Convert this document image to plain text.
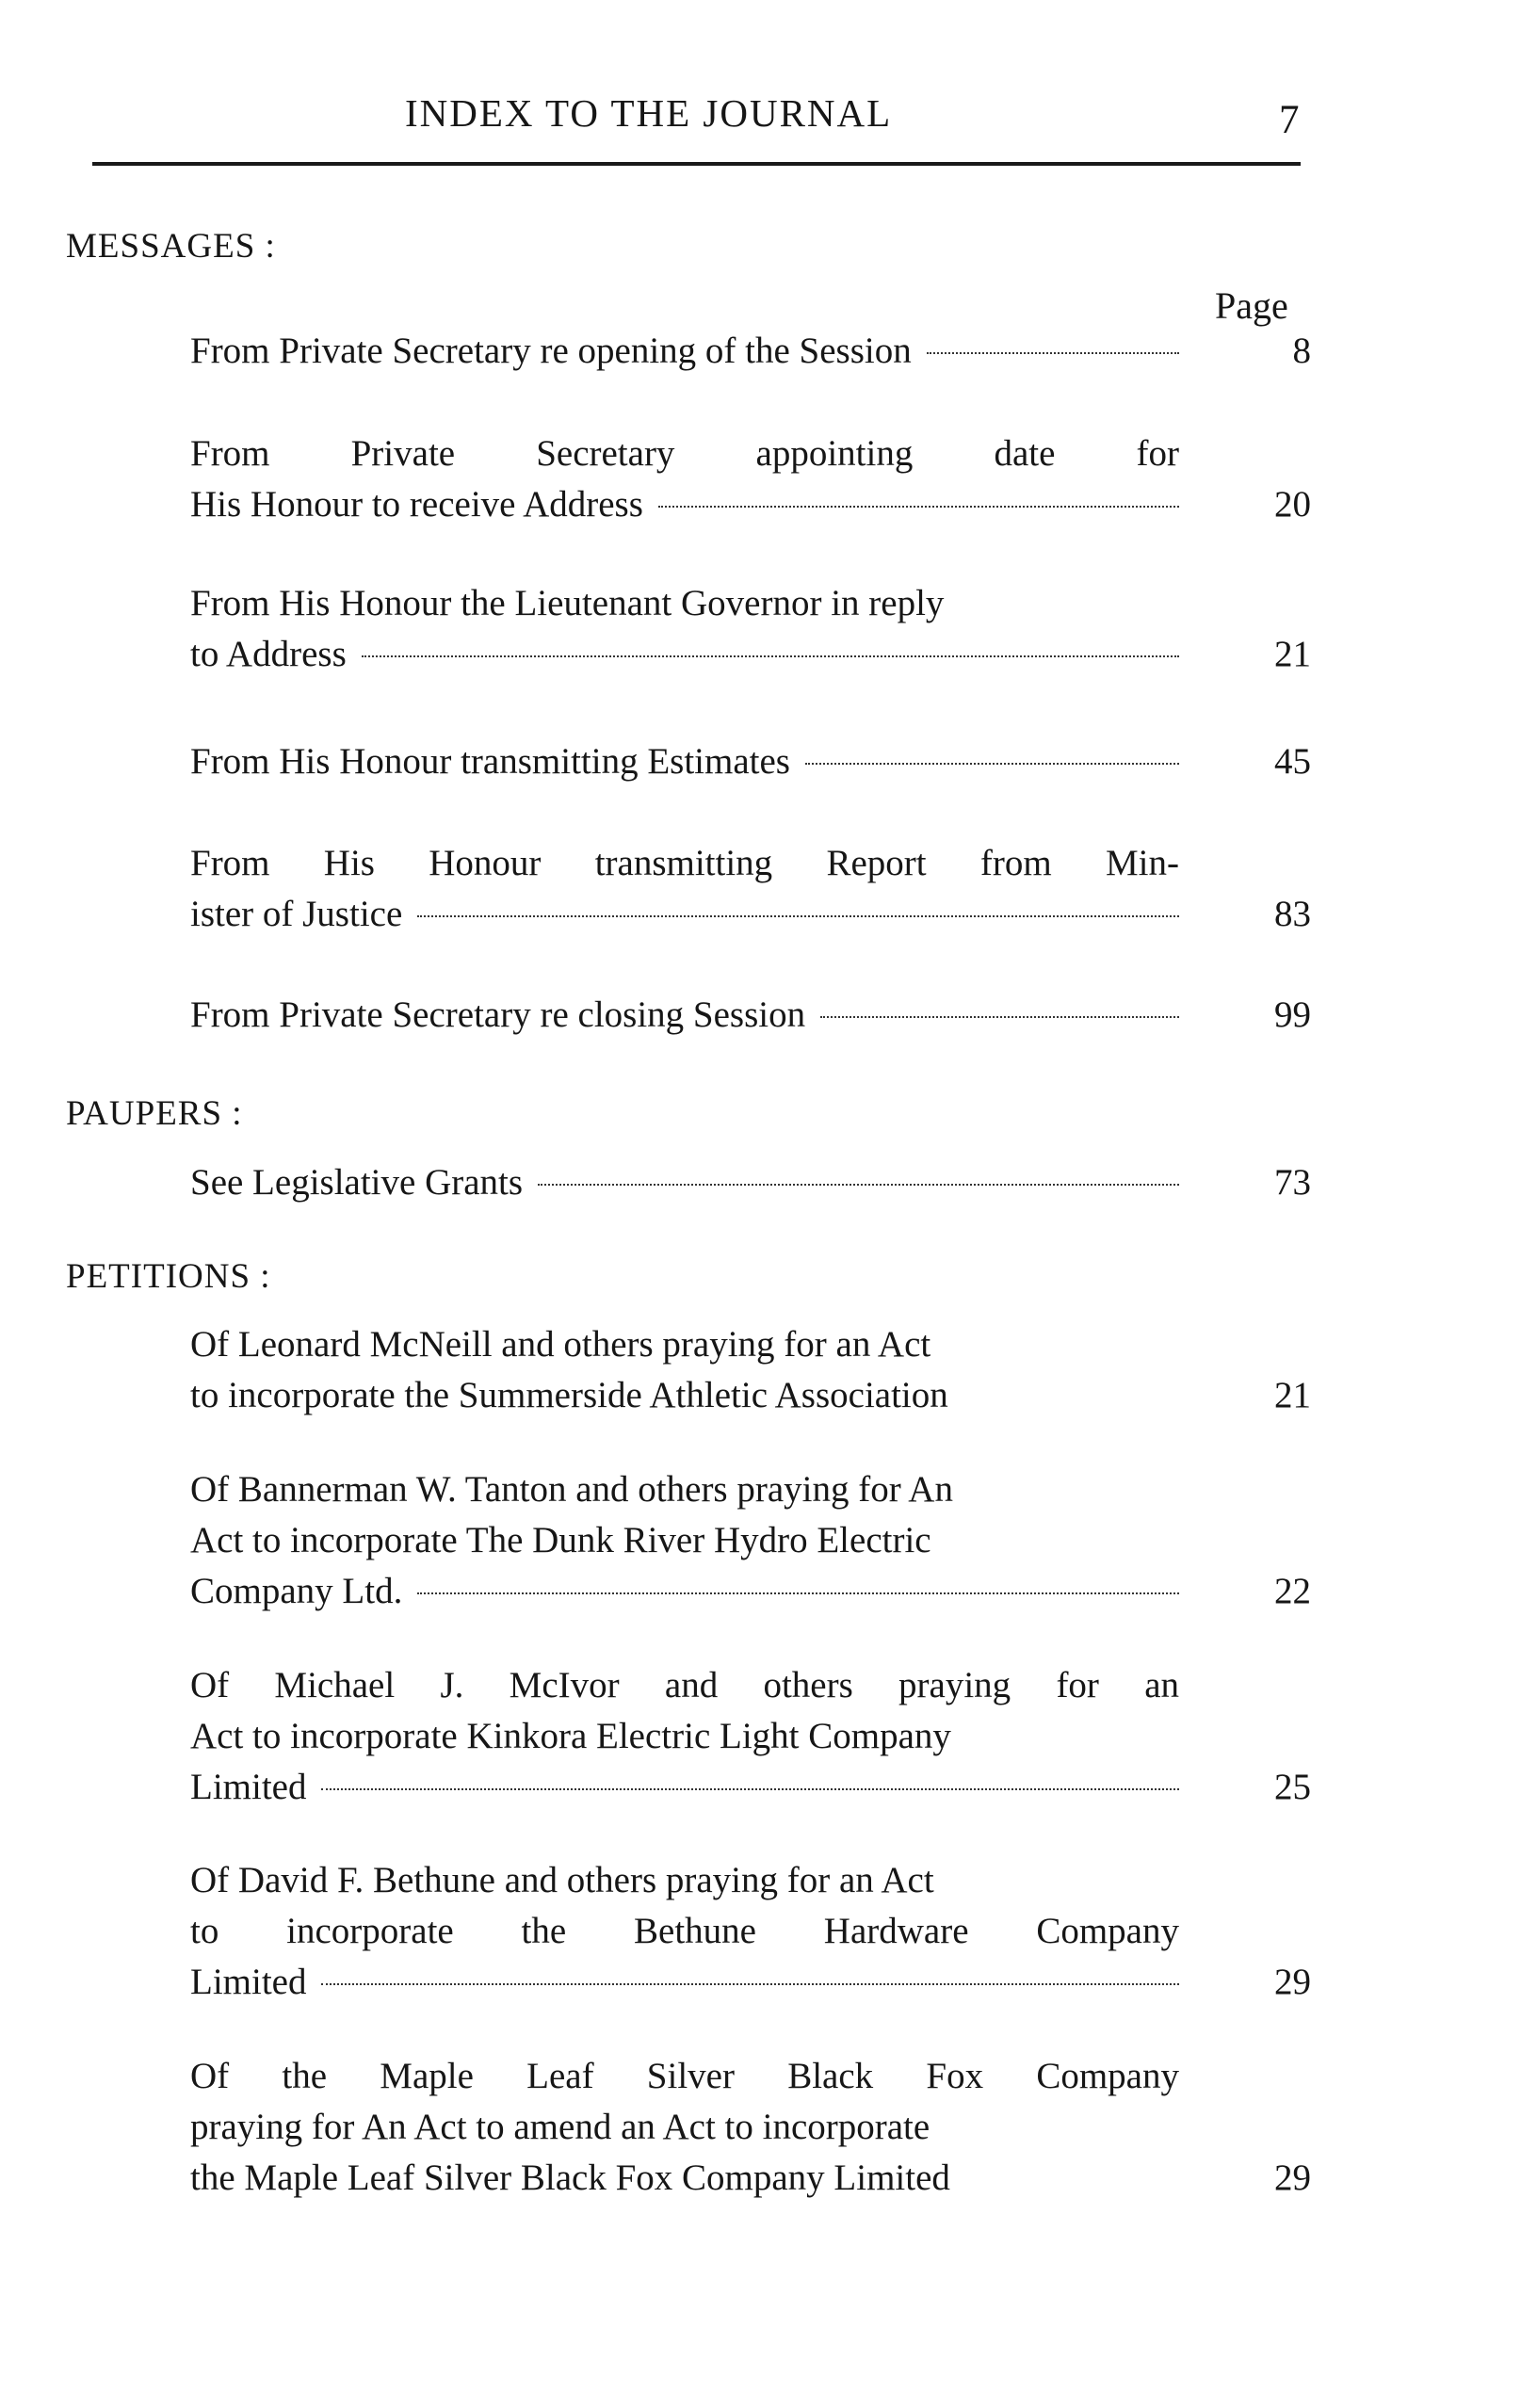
INDEX TO THE JOURNAL	7
MESSAGES :
Page
From Private Secretary re opening of the Session	8
From Private Secretary appointing date for
His Honour to receive Address	20
From His Honour the Lieutenant Governor in reply
to Address	21
From His Honour transmitting Estimates	45
From His Honour transmitting Report from Min-
ister of Justice	83
From Private Secretary re closing Session	99
PAUPERS :
See Legislative Grants	73
PETITIONS :
Of Leonard McNeill and others praying for an Act
to incorporate the Summerside Athletic Association	21
Of Bannerman W. Tanton and others praying for An
Act to incorporate The Dunk River Hydro Electric
Company Ltd.	22
Of Michael J. McIvor and others praying for an
Act to incorporate Kinkora Electric Light Company
Limited	25
Of David F. Bethune and others praying for an Act
to incorporate the Bethune Hardware Company
Limited	29
Of the Maple Leaf Silver Black Fox Company
praying for An Act to amend an Act to incorporate
the Maple Leaf Silver Black Fox Company Limited	29
